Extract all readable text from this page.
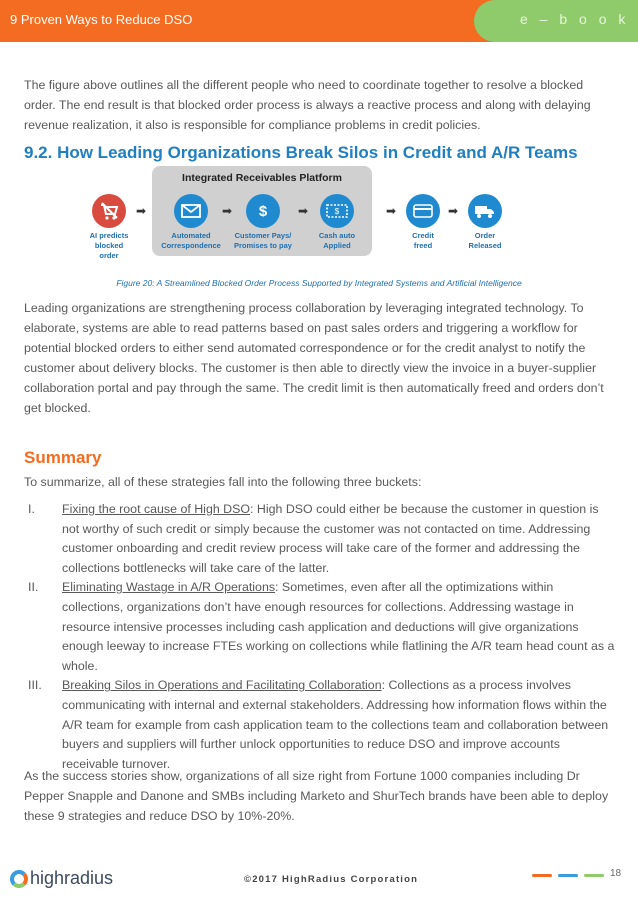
9 Proven Ways to Reduce DSO	e – b o o k
The figure above outlines all the different people who need to coordinate together to resolve a blocked order. The end result is that blocked order process is always a reactive process and along with delaying revenue realization, it also is responsible for compliance problems in credit policies.
9.2. How Leading Organizations Break Silos in Credit and A/R Teams
Integrated Receivables Platform
AI predicts
blocked
order
➡
Automated
Correspondence
➡ $
Customer Pays/
Promises to pay
➡	$
Cash auto
Applied
➡
Credit
freed
➡
Order
Released
Figure 20: A Streamlined Blocked Order Process Supported by Integrated Systems and Artificial Intelligence
Leading organizations are strengthening process collaboration by leveraging integrated technology. To elaborate, systems are able to read patterns based on past sales orders and triggering a workflow for potential blocked orders to either send automated correspondence or for the credit analyst to notify the customer about delivery blocks. The customer is then able to directly view the invoice in a buyer-supplier collaboration portal and pay through the same. The credit limit is then automatically freed and orders don’t get blocked.
Summary
To summarize, all of these strategies fall into the following three buckets:
I.	Fixing the root cause of High DSO: High DSO could either be because the customer in question is not worthy of such credit or simply because the customer was not contacted on time. Addressing customer onboarding and credit review process will take care of the former and addressing the collections bottlenecks will take care of the latter.
II.	Eliminating Wastage in A/R Operations: Sometimes, even after all the optimizations within collections, organizations don’t have enough resources for collections. Addressing wastage in resource intensive processes including cash application and deductions will give organizations enough leeway to increase FTEs working on collections while flatlining the A/R team head count as a whole.
III.	Breaking Silos in Operations and Facilitating Collaboration: Collections as a process involves communicating with internal and external stakeholders. Addressing how information flows within the A/R team for example from cash application team to the collections team and collaboration between buyers and suppliers will further unlock opportunities to reduce DSO and improve accounts receivable turnover.
As the success stories show, organizations of all size right from Fortune 1000 companies including Dr Pepper Snapple and Danone and SMBs including Marketo and ShurTech brands have been able to deploy these 9 strategies and reduce DSO by 10%-20%.
highradius	©2017 HighRadius Corporation
18
